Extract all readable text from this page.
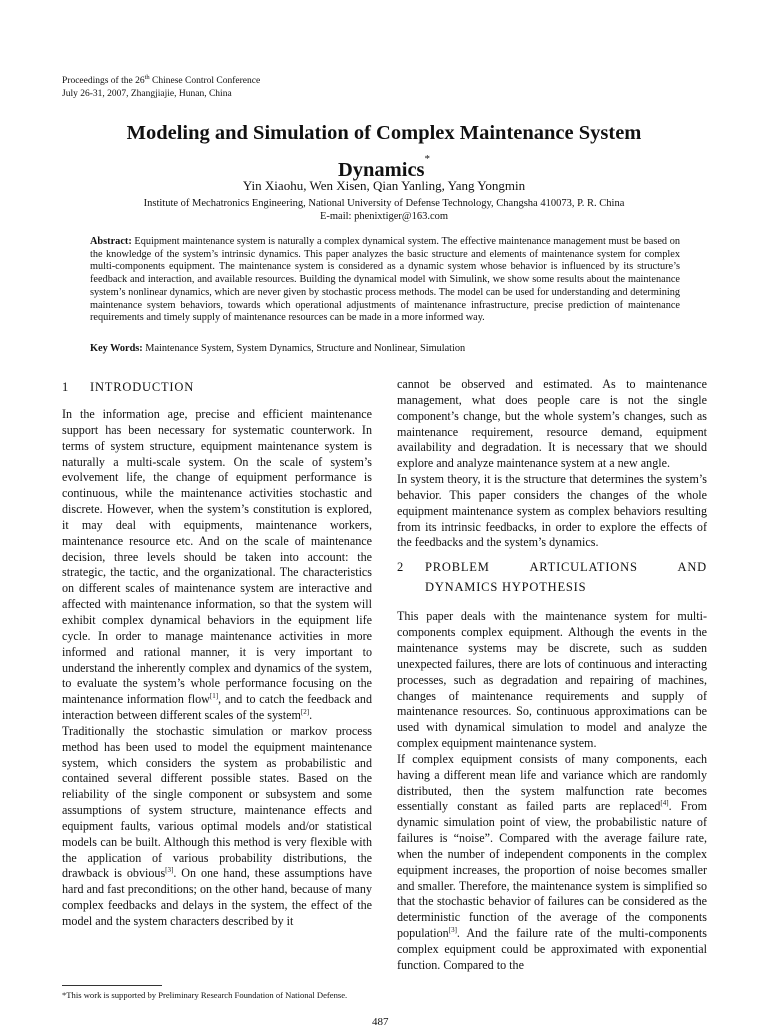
Proceedings of the 26th Chinese Control Conference
July 26-31, 2007, Zhangjiajie, Hunan, China
Modeling and Simulation of Complex Maintenance System
Dynamics*
Yin Xiaohu, Wen Xisen, Qian Yanling, Yang Yongmin
Institute of Mechatronics Engineering, National University of Defense Technology, Changsha 410073, P. R. China
E-mail: phenixtiger@163.com
Abstract: Equipment maintenance system is naturally a complex dynamical system. The effective maintenance management must be based on the knowledge of the system’s intrinsic dynamics. This paper analyzes the basic structure and elements of maintenance system for complex multi-components equipment. The maintenance system is considered as a dynamic system whose behavior is influenced by its structure’s feedback and interaction, and available resources. Building the dynamical model with Simulink, we show some results about the maintenance system’s nonlinear dynamics, which are never given by stochastic process methods. The model can be used for understanding and determining maintenance system behaviors, towards which operational adjustments of maintenance infrastructure, precise prediction of maintenance requirements and timely supply of maintenance resources can be made in a more informed way.
Key Words: Maintenance System, System Dynamics, Structure and Nonlinear, Simulation
1 INTRODUCTION

In the information age, precise and efficient maintenance support has been necessary for systematic counterwork. In terms of system structure, equipment maintenance system is naturally a multi-scale system. On the scale of system’s evolvement life, the change of equipment performance is continuous, while the maintenance activities stochastic and discrete. However, when the system’s constitution is explored, it may deal with equipments, maintenance workers, maintenance resource etc. And on the scale of maintenance decision, three levels should be taken into account: the strategic, the tactic, and the organizational. The characteristics on different scales of maintenance system are interactive and affected with maintenance information, so that the system will exhibit complex dynamical behaviors in the equipment life cycle. In order to manage maintenance activities in more informed and rational manner, it is very important to understand the inherently complex and dynamics of the system, to evaluate the system’s whole performance focusing on the maintenance information flow[1], and to catch the feedback and interaction between different scales of the system[2].

Traditionally the stochastic simulation or markov process method has been used to model the equipment maintenance system, which considers the system as probabilistic and contained several different possible states. Based on the reliability of the single component or subsystem and some assumptions of system structure, maintenance effects and equipment faults, various optimal models and/or statistical models can be built. Although this method is very flexible with the application of various probability distributions, the drawback is obvious[3]. On one hand, these assumptions have hard and fast preconditions; on the other hand, because of many complex feedbacks and delays in the system, the effect of the model and the system characters described by it

cannot be observed and estimated. As to maintenance management, what does people care is not the single component’s change, but the whole system’s changes, such as maintenance requirement, resource demand, equipment availability and degradation. It is necessary that we should explore and analyze maintenance system at a new angle.

In system theory, it is the structure that determines the system’s behavior. This paper considers the changes of the whole equipment maintenance system as complex behaviors resulting from its intrinsic feedbacks, in order to explore the effects of the feedbacks and the system’s dynamics.

2 PROBLEM	ARTICULATIONS	AND
DYNAMICS HYPOTHESIS

This paper deals with the maintenance system for multi-components complex equipment. Although the events in the maintenance systems may be discrete, such as sudden unexpected failures, there are lots of continuous and interacting processes, such as degradation and repairing of machines, changes of maintenance requirements and supply of maintenance resources. So, continuous approximations can be used with dynamical simulation to model and analyze the complex equipment maintenance system.

If complex equipment consists of many components, each having a different mean life and variance which are randomly distributed, then the system malfunction rate becomes essentially constant as failed parts are replaced[4]. From dynamic simulation point of view, the probabilistic nature of failures is “noise”. Compared with the average failure rate, when the number of independent components in the complex equipment increases, the proportion of noise becomes smaller and smaller. Therefore, the maintenance system is simplified so that the stochastic behavior of failures can be considered as the deterministic function of the average of the components population[3]. And the failure rate of the multi-components complex equipment could be approximated with exponential function. Compared to the

*This work is supported by Preliminary Research Foundation of National Defense.
487
